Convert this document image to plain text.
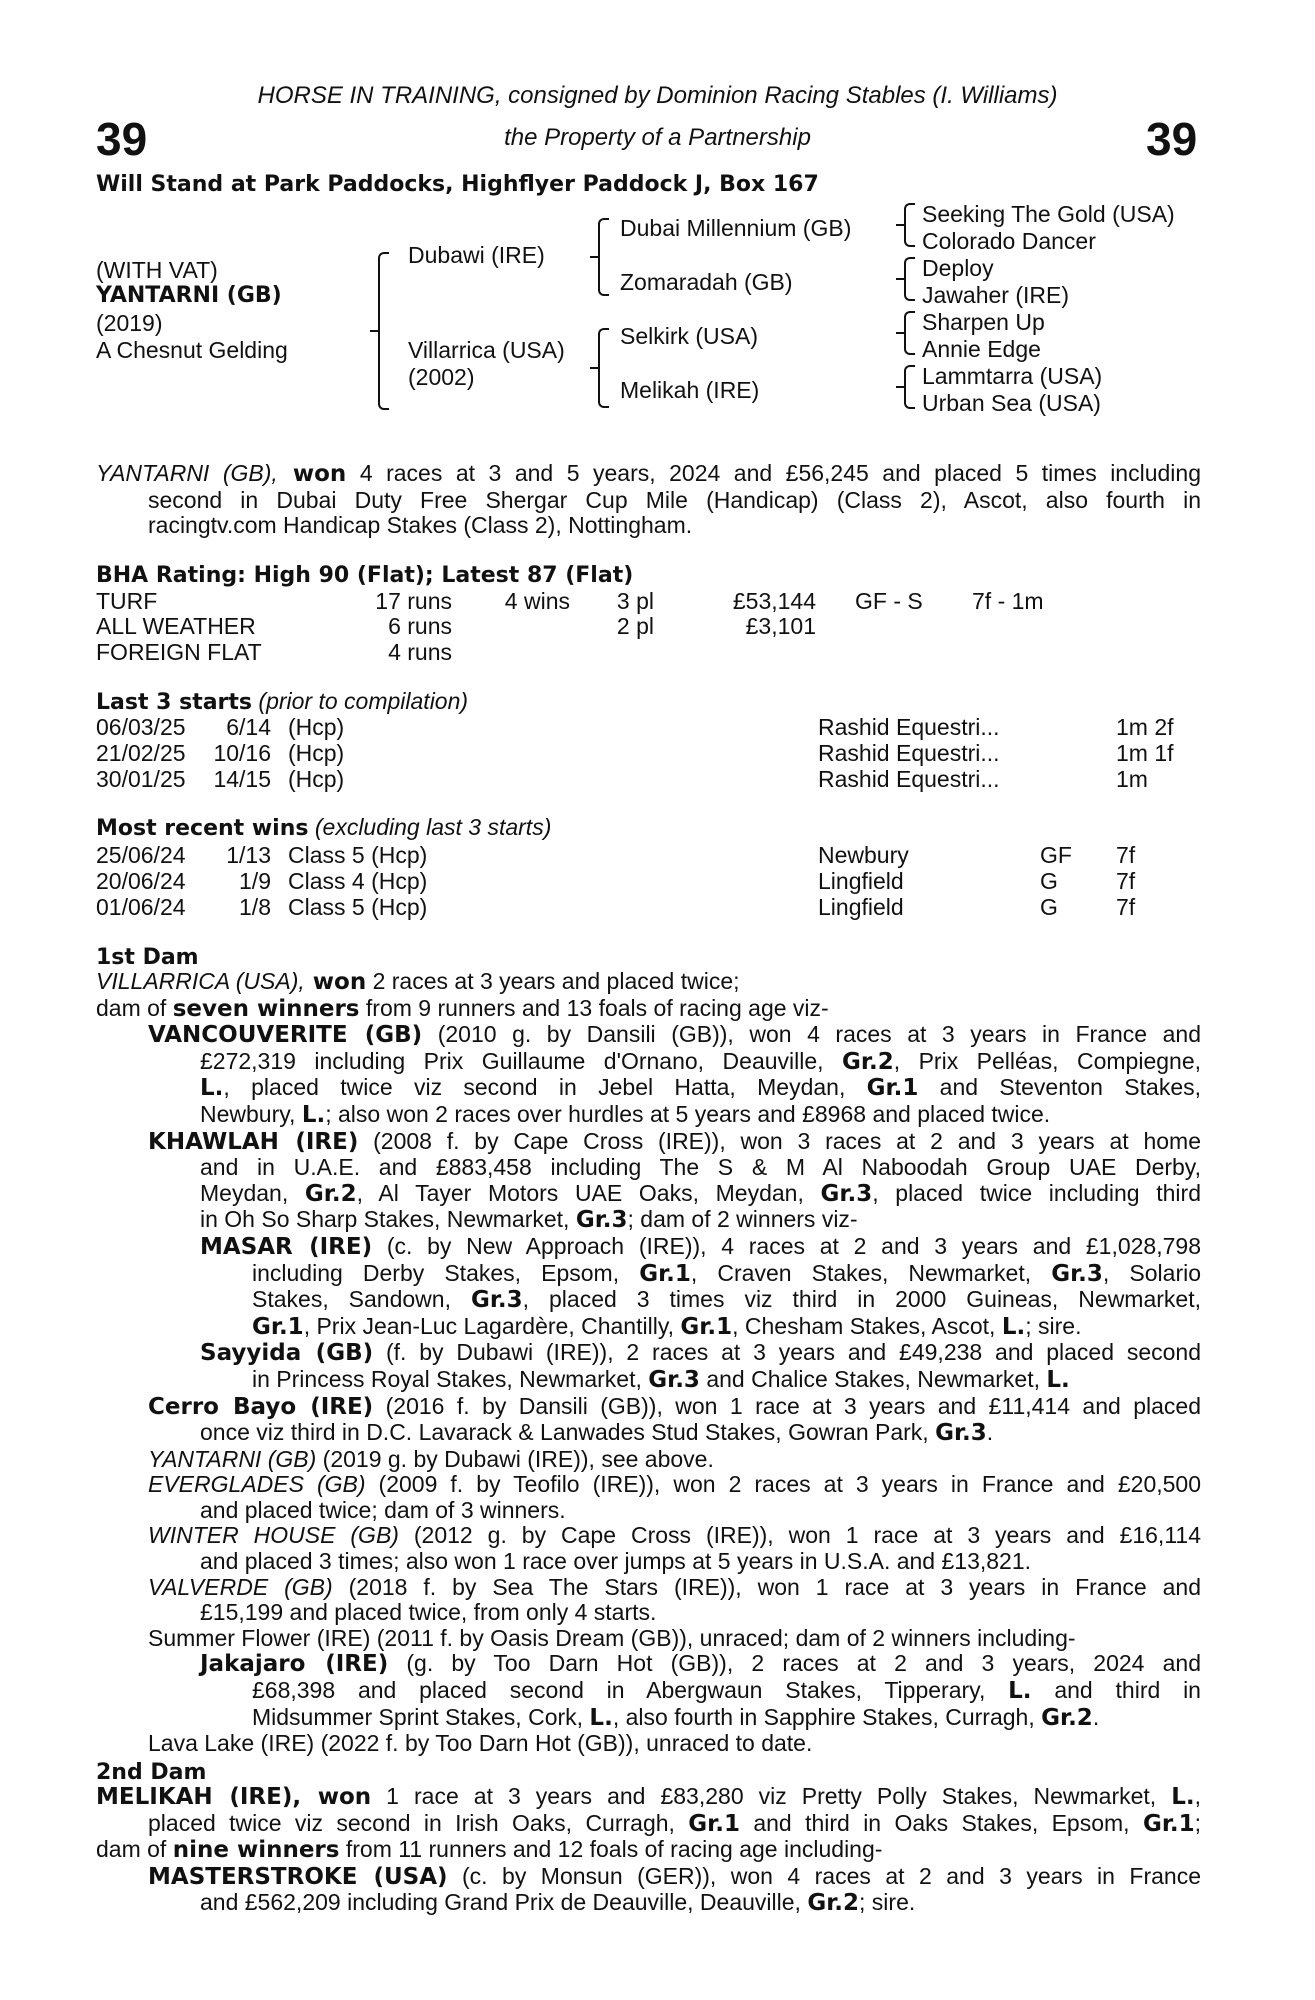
39	39
HORSE IN TRAINING, consigned by Dominion Racing Stables (I. Williams)
the Property of a Partnership
Will Stand at Park Paddocks, Highflyer Paddock J, Box 167
(WITH VAT)
YANTARNI (GB)
(2019)
A Chesnut Gelding
Dubawi (IRE)
Villarrica (USA)
(2002)
Dubai Millennium (GB)
Zomaradah (GB)
Selkirk (USA)
Melikah (IRE)
Seeking The Gold (USA)
Colorado Dancer
Deploy
Jawaher (IRE)
Sharpen Up
Annie Edge
Lammtarra (USA)
Urban Sea (USA)
YANTARNI (GB), won 4 races at 3 and 5 years, 2024 and £56,245 and placed 5 times including
second in Dubai Duty Free Shergar Cup Mile (Handicap) (Class 2), Ascot, also fourth in
racingtv.com Handicap Stakes (Class 2), Nottingham.
BHA Rating: High 90 (Flat); Latest 87 (Flat)
TURF	17 runs 4 wins 3 pl	£53,144 GF - S 7f - 1m
ALL WEATHER	6 runs	2 pl	£3,101
FOREIGN FLAT	4 runs
Last 3 starts (prior to compilation)
06/03/25 6/14 (Hcp)	Rashid Equestri...	1m 2f
21/02/25 10/16 (Hcp)	Rashid Equestri...	1m 1f
30/01/25 14/15 (Hcp)	Rashid Equestri...	1m
Most recent wins (excluding last 3 starts)
25/06/24 1/13 Class 5 (Hcp)	Newbury	GF 7f
20/06/24 1/9 Class 4 (Hcp)	Lingfield	G	7f
01/06/24 1/8 Class 5 (Hcp)	Lingfield	G	7f
1st Dam
VILLARRICA (USA), won 2 races at 3 years and placed twice;
dam of seven winners from 9 runners and 13 foals of racing age viz-
VANCOUVERITE (GB) (2010 g. by Dansili (GB)), won 4 races at 3 years in France and
£272,319 including Prix Guillaume d'Ornano, Deauville, Gr.2, Prix Pelléas, Compiegne,
L., placed twice viz second in Jebel Hatta, Meydan, Gr.1 and Steventon Stakes,
Newbury, L.; also won 2 races over hurdles at 5 years and £8968 and placed twice.
KHAWLAH (IRE) (2008 f. by Cape Cross (IRE)), won 3 races at 2 and 3 years at home
and in U.A.E. and £883,458 including The S & M Al Naboodah Group UAE Derby,
Meydan, Gr.2, Al Tayer Motors UAE Oaks, Meydan, Gr.3, placed twice including third
in Oh So Sharp Stakes, Newmarket, Gr.3; dam of 2 winners viz-
MASAR (IRE) (c. by New Approach (IRE)), 4 races at 2 and 3 years and £1,028,798
including Derby Stakes, Epsom, Gr.1, Craven Stakes, Newmarket, Gr.3, Solario
Stakes, Sandown, Gr.3, placed 3 times viz third in 2000 Guineas, Newmarket,
Gr.1, Prix Jean-Luc Lagardère, Chantilly, Gr.1, Chesham Stakes, Ascot, L.; sire.
Sayyida (GB) (f. by Dubawi (IRE)), 2 races at 3 years and £49,238 and placed second
in Princess Royal Stakes, Newmarket, Gr.3 and Chalice Stakes, Newmarket, L.
Cerro Bayo (IRE) (2016 f. by Dansili (GB)), won 1 race at 3 years and £11,414 and placed
once viz third in D.C. Lavarack & Lanwades Stud Stakes, Gowran Park, Gr.3.
YANTARNI (GB) (2019 g. by Dubawi (IRE)), see above.
EVERGLADES (GB) (2009 f. by Teofilo (IRE)), won 2 races at 3 years in France and £20,500
and placed twice; dam of 3 winners.
WINTER HOUSE (GB) (2012 g. by Cape Cross (IRE)), won 1 race at 3 years and £16,114
and placed 3 times; also won 1 race over jumps at 5 years in U.S.A. and £13,821.
VALVERDE (GB) (2018 f. by Sea The Stars (IRE)), won 1 race at 3 years in France and
£15,199 and placed twice, from only 4 starts.
Summer Flower (IRE) (2011 f. by Oasis Dream (GB)), unraced; dam of 2 winners including-
Jakajaro (IRE) (g. by Too Darn Hot (GB)), 2 races at 2 and 3 years, 2024 and
£68,398 and placed second in Abergwaun Stakes, Tipperary, L. and third in
Midsummer Sprint Stakes, Cork, L., also fourth in Sapphire Stakes, Curragh, Gr.2.
Lava Lake (IRE) (2022 f. by Too Darn Hot (GB)), unraced to date.
2nd Dam
MELIKAH (IRE), won 1 race at 3 years and £83,280 viz Pretty Polly Stakes, Newmarket, L.,
placed twice viz second in Irish Oaks, Curragh, Gr.1 and third in Oaks Stakes, Epsom, Gr.1;
dam of nine winners from 11 runners and 12 foals of racing age including-
MASTERSTROKE (USA) (c. by Monsun (GER)), won 4 races at 2 and 3 years in France
and £562,209 including Grand Prix de Deauville, Deauville, Gr.2; sire.
